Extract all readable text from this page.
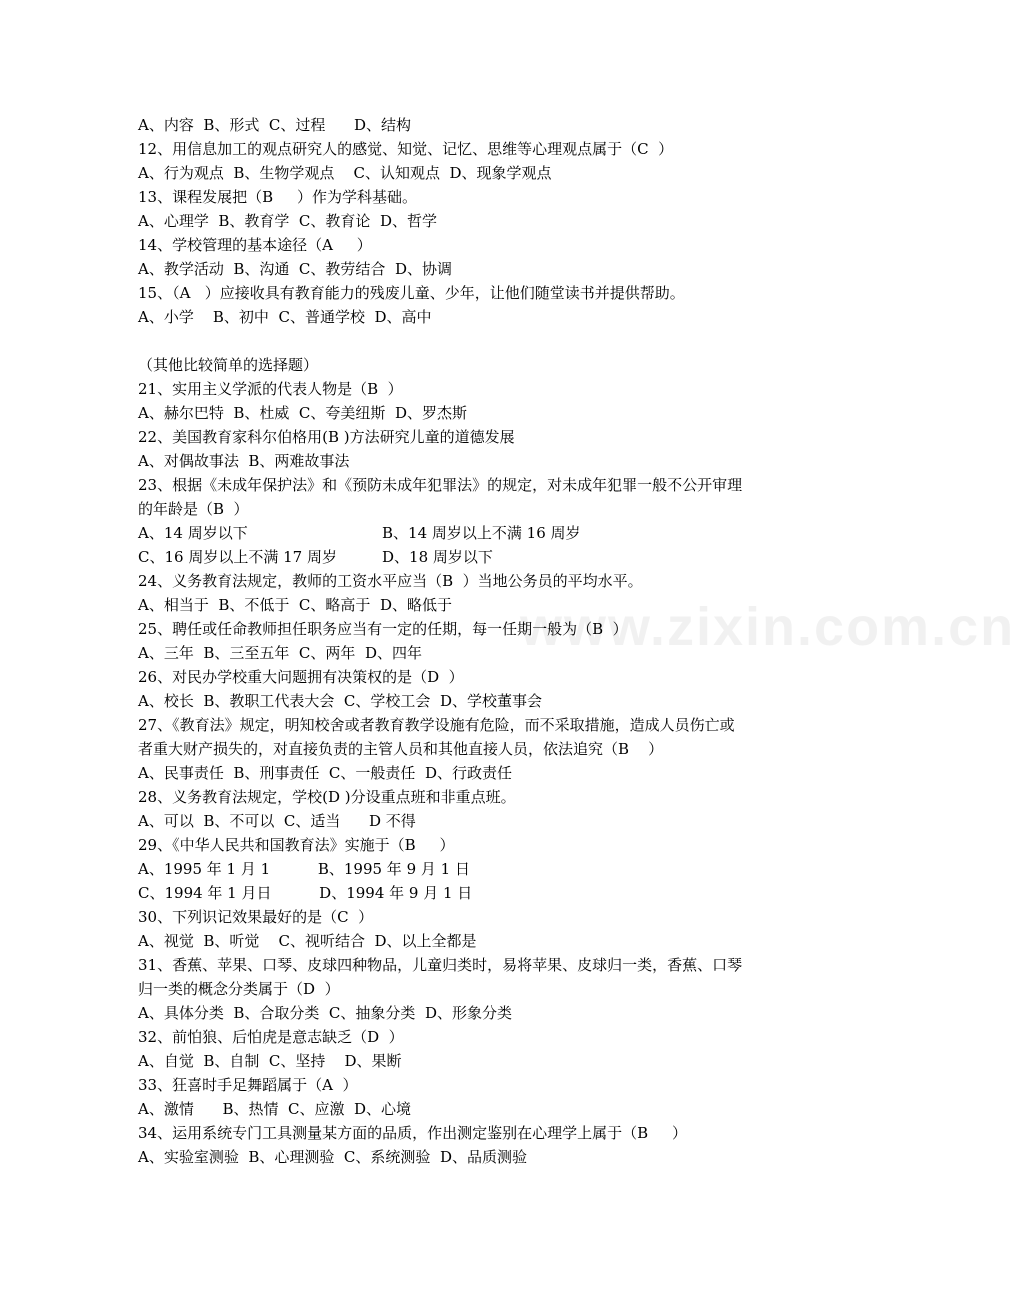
www.zixin.com.cn
A、内容  B、形式  C、过程      D、结构
12、用信息加工的观点研究人的感觉、知觉、记忆、思维等心理观点属于（C  ）
A、行为观点  B、生物学观点    C、认知观点  D、现象学观点
13、课程发展把（B     ）作为学科基础。
A、心理学  B、教育学  C、教育论  D、哲学
14、学校管理的基本途径（A     ）
A、教学活动  B、沟通  C、教劳结合  D、协调
15、（A   ）应接收具有教育能力的残废儿童、少年，让他们随堂读书并提供帮助。
A、小学    B、初中  C、普通学校  D、高中
（其他比较简单的选择题）
21、实用主义学派的代表人物是（B  ）
A、赫尔巴特  B、杜威  C、夸美纽斯  D、罗杰斯
22、美国教育家科尔伯格用(B )方法研究儿童的道德发展
A、对偶故事法  B、两难故事法
23、根据《未成年保护法》和《预防未成年犯罪法》的规定，对未成年犯罪一般不公开审理
的年龄是（B  ）
A、14 周岁以下	B、14 周岁以上不满 16 周岁
C、16 周岁以上不满 17 周岁	D、18 周岁以下
24、义务教育法规定，教师的工资水平应当（B  ）当地公务员的平均水平。
A、相当于  B、不低于  C、略高于  D、略低于
25、聘任或任命教师担任职务应当有一定的任期，每一任期一般为（B  ）
A、三年  B、三至五年  C、两年  D、四年
26、对民办学校重大问题拥有决策权的是（D  ）
A、校长  B、教职工代表大会  C、学校工会  D、学校董事会
27、《教育法》规定，明知校舍或者教育教学设施有危险，而不采取措施，造成人员伤亡或
者重大财产损失的，对直接负责的主管人员和其他直接人员，依法追究（B    ）
A、民事责任  B、刑事责任  C、一般责任  D、行政责任
28、义务教育法规定，学校(D )分设重点班和非重点班。
A、可以  B、不可以  C、适当      D 不得
29、《中华人民共和国教育法》实施于（B     ）
A、1995 年 1 月 1          B、1995 年 9 月 1 日
C、1994 年 1 月日          D、1994 年 9 月 1 日
30、下列识记效果最好的是（C  ）
A、视觉  B、听觉    C、视听结合  D、以上全都是
31、香蕉、苹果、口琴、皮球四种物品，儿童归类时，易将苹果、皮球归一类，香蕉、口琴
归一类的概念分类属于（D  ）
A、具体分类  B、合取分类  C、抽象分类  D、形象分类
32、前怕狼、后怕虎是意志缺乏（D  ）
A、自觉  B、自制  C、坚持    D、果断
33、狂喜时手足舞蹈属于（A  ）
A、激情      B、热情  C、应激  D、心境
34、运用系统专门工具测量某方面的品质，作出测定鉴别在心理学上属于（B     ）
A、实验室测验  B、心理测验  C、系统测验  D、品质测验
